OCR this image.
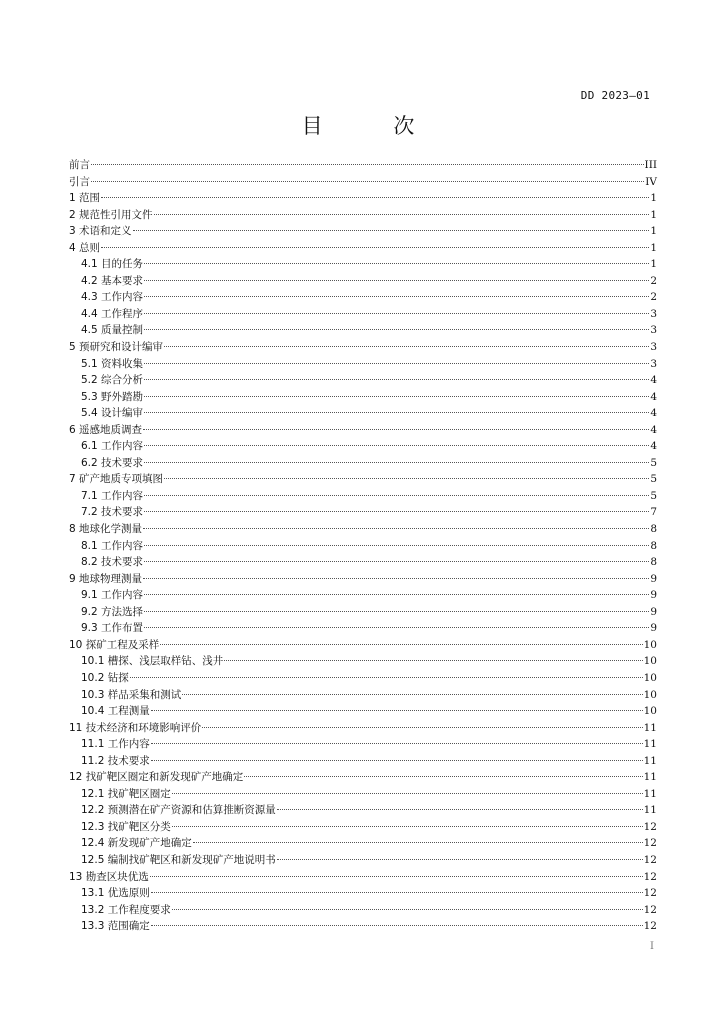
DD 2023—01
目 次
前言	III
引言	IV
1 范围	1
2 规范性引用文件	1
3 术语和定义	1
4 总则	1
4.1 目的任务	1
4.2 基本要求	2
4.3 工作内容	2
4.4 工作程序	3
4.5 质量控制	3
5 预研究和设计编审	3
5.1 资料收集	3
5.2 综合分析	4
5.3 野外踏勘	4
5.4 设计编审	4
6 遥感地质调查	4
6.1 工作内容	4
6.2 技术要求	5
7 矿产地质专项填图	5
7.1 工作内容	5
7.2 技术要求	7
8 地球化学测量	8
8.1 工作内容	8
8.2 技术要求	8
9 地球物理测量	9
9.1 工作内容	9
9.2 方法选择	9
9.3 工作布置	9
10 探矿工程及采样	10
10.1 槽探、浅层取样钻、浅井	10
10.2 钻探	10
10.3 样品采集和测试	10
10.4 工程测量	10
11 技术经济和环境影响评价	11
11.1 工作内容	11
11.2 技术要求	11
12 找矿靶区圈定和新发现矿产地确定	11
12.1 找矿靶区圈定	11
12.2 预测潜在矿产资源和估算推断资源量	11
12.3 找矿靶区分类	12
12.4 新发现矿产地确定	12
12.5 编制找矿靶区和新发现矿产地说明书	12
13 勘查区块优选	12
13.1 优选原则	12
13.2 工作程度要求	12
13.3 范围确定	12
I
